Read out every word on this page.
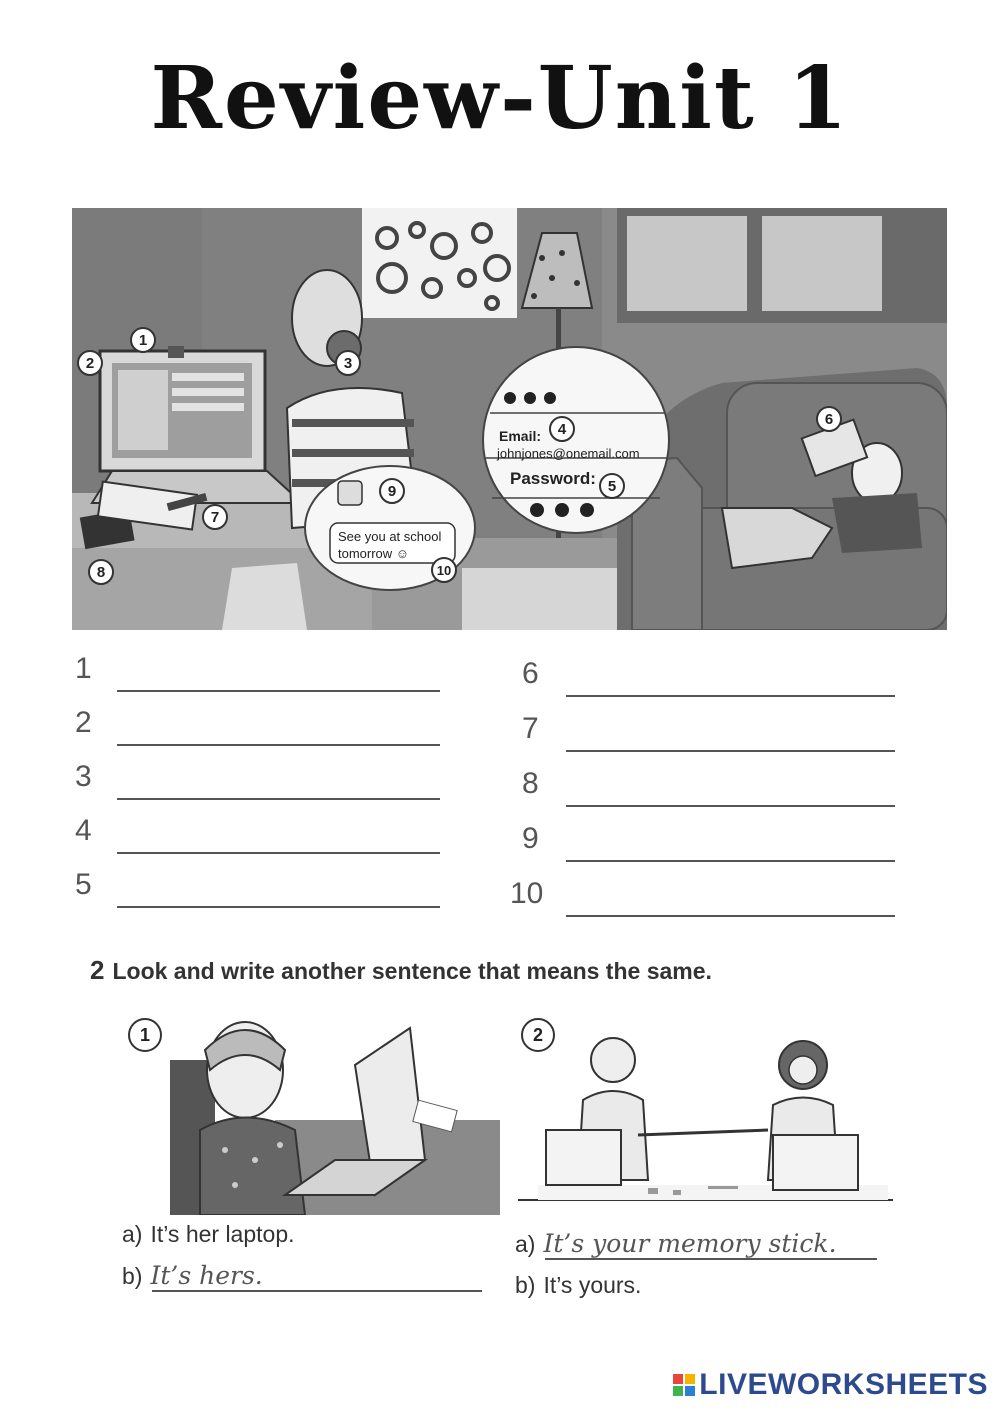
Review-Unit 1
Email:
johnjones@onemail.com
Password:
See you at school
tomorrow ☺
1
2	3
4
5
6
7
8
9
10
1
2
3
4
5
6
7
8
9
10
2 Look and write another sentence that means the same.
1	2
a) It’s her laptop.
b) It’s hers.
a) It’s your memory stick.
b) It’s yours.
LIVEWORKSHEETS
